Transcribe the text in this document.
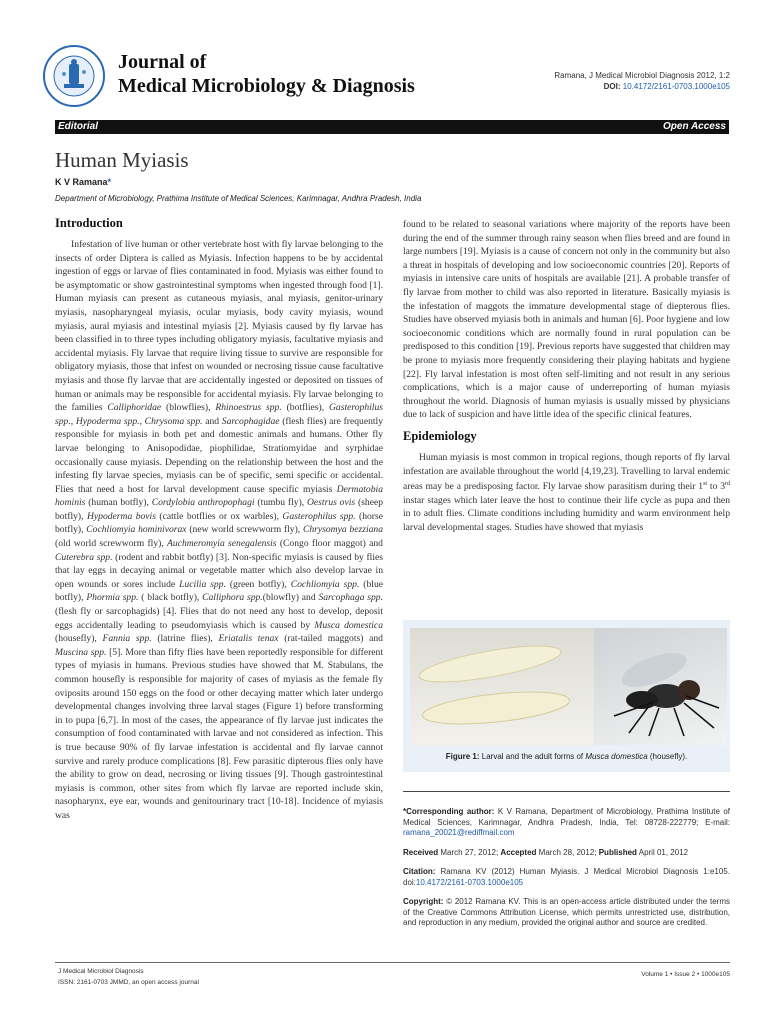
Journal of
Medical Microbiology & Diagnosis	Ramana, J Medical Microbiol Diagnosis 2012, 1:2
DOI: 10.4172/2161-0703.1000e105
Editorial	Open Access
Human Myiasis
K V Ramana*
Department of Microbiology, Prathima Institute of Medical Sciences, Karimnagar, Andhra Pradesh, India
Introduction

Infestation of live human or other vertebrate host with fly larvae belonging to the insects of order Diptera is called as Myiasis. Infection happens to be by accidental ingestion of eggs or larvae of flies contaminated in food. Myiasis was either found to be asymptomatic or show gastrointestinal symptoms when ingested through food [1]. Human myiasis can present as cutaneous myiasis, anal myiasis, genitor-urinary myiasis, nasopharyngeal myiasis, ocular myiasis, body cavity myiasis, wound myiasis, aural myiasis and intestinal myiasis [2]. Myiasis caused by fly larvae has been classified in to three types including obligatory myiasis, facultative myiasis and accidental myiasis. Fly larvae that require living tissue to survive are responsible for obligatory myiasis, those that infest on wounded or necrosing tissue cause facultative myiasis and those fly larvae that are accidentally ingested or deposited on tissues of human or animals may be responsible for accidental myiasis. Fly larvae belonging to the families Calliphoridae (blowflies), Rhinoestrus spp. (botflies), Gasterophilus spp., Hypoderma spp., Chrysoma spp. and Sarcophagidae (flesh flies) are frequently responsible for myiasis in both pet and domestic animals and humans. Other fly larvae belonging to Anisopodidae, piophilidae, Stratiomyidae and syrphidae occasionally cause myiasis. Depending on the relationship between the host and the infesting fly larvae species, myiasis can be of specific, semi specific or accidental. Flies that need a host for larval development cause specific myiasis Dermatobia hominis (human botfly), Cordylobia anthropophagi (tumbu fly), Oestrus ovis (sheep botfly), Hypoderma bovis (cattle botflies or ox warbles), Gasterophilus spp. (horse botfly), Cochliomyia hominivorax (new world screwworm fly), Chrysomya bezziana (old world screwworm fly), Auchmeromyia senegalensis (Congo floor maggot) and Cuterebra spp. (rodent and rabbit botfly) [3]. Non-specific myiasis is caused by flies that lay eggs in decaying animal or vegetable matter which also develop larvae in open wounds or sores include Lucilia spp. (green botfly), Cochliomyia spp. (blue botfly), Phormia spp. ( black botfly), Calliphora spp.(blowfly) and Sarcophaga spp. (flesh fly or sarcophagids) [4]. Flies that do not need any host to develop, deposit eggs accidentally leading to pseudomyiasis which is caused by Musca domestica (housefly), Fannia spp. (latrine flies), Eriatalis tenax (rat-tailed maggots) and Muscina spp. [5]. More than fifty flies have been reportedly responsible for different types of myiasis in humans. Previous studies have showed that M. Stabulans, the common housefly is responsible for majority of cases of myiasis as the female fly oviposits around 150 eggs on the food or other decaying matter which later undergo developmental changes involving three larval stages (Figure 1) before transforming in to pupa [6,7]. In most of the cases, the appearance of fly larvae just indicates the consumption of food contaminated with larvae and not considered as infection. This is true because 90% of fly larvae infestation is accidental and fly larvae cannot survive and rarely produce complications [8]. Few parasitic dipterous flies only have the ability to grow on dead, necrosing or living tissues [9]. Though gastrointestinal myiasis is common, other sites from which fly larvae are reported include skin, nasopharynx, eye ear, wounds and genitourinary tract [10-18]. Incidence of myiasis was

found to be related to seasonal variations where majority of the reports have been during the end of the summer through rainy season when flies breed and are found in large numbers [19]. Myiasis is a cause of concern not only in the community but also a threat in hospitals of developing and low socioeconomic countries [20]. Reports of myiasis in intensive care units of hospitals are available [21]. A probable transfer of fly larvae from mother to child was also reported in literature. Basically myiasis is the infestation of maggots the immature developmental stage of diepterous flies. Studies have observed myiasis both in animals and human [6]. Poor hygiene and low socioeconomic conditions which are normally found in rural population can be predisposed to this condition [19]. Previous reports have suggested that children may be prone to myiasis more frequently considering their playing habitats and hygiene [22]. Fly larval infestation is most often self-limiting and not result in any serious complications, which is a major cause of underreporting of human myiasis throughout the world. Diagnosis of human myiasis is usually missed by physicians due to lack of suspicion and have little idea of the specific clinical features.

Epidemiology

Human myiasis is most common in tropical regions, though reports of fly larval infestation are available throughout the world [4,19,23]. Travelling to larval endemic areas may be a predisposing factor. Fly larvae show parasitism during their 1st to 3rd instar stages which later leave the host to continue their life cycle as pupa and then in to adult flies. Climate conditions including humidity and warm environment help larval developmental stages. Studies have showed that myiasis

Figure 1: Larval and the adult forms of Musca domestica (housefly).
*Corresponding author: K V Ramana, Department of Microbiology, Prathima Institute of Medical Sciences, Karimnagar, Andhra Pradesh, India, Tel: 08728-222779; E-mail: ramana_20021@rediffmail.com
Received March 27, 2012; Accepted March 28, 2012; Published April 01, 2012
Citation: Ramana KV (2012) Human Myiasis. J Medical Microbiol Diagnosis 1:e105. doi:10.4172/2161-0703.1000e105
Copyright: © 2012 Ramana KV. This is an open-access article distributed under the terms of the Creative Commons Attribution License, which permits unrestricted use, distribution, and reproduction in any medium, provided the original author and source are credited.
J Medical Microbiol Diagnosis
ISSN: 2161-0703 JMMD, an open access journal
Volume 1 • Issue 2 • 1000e105
